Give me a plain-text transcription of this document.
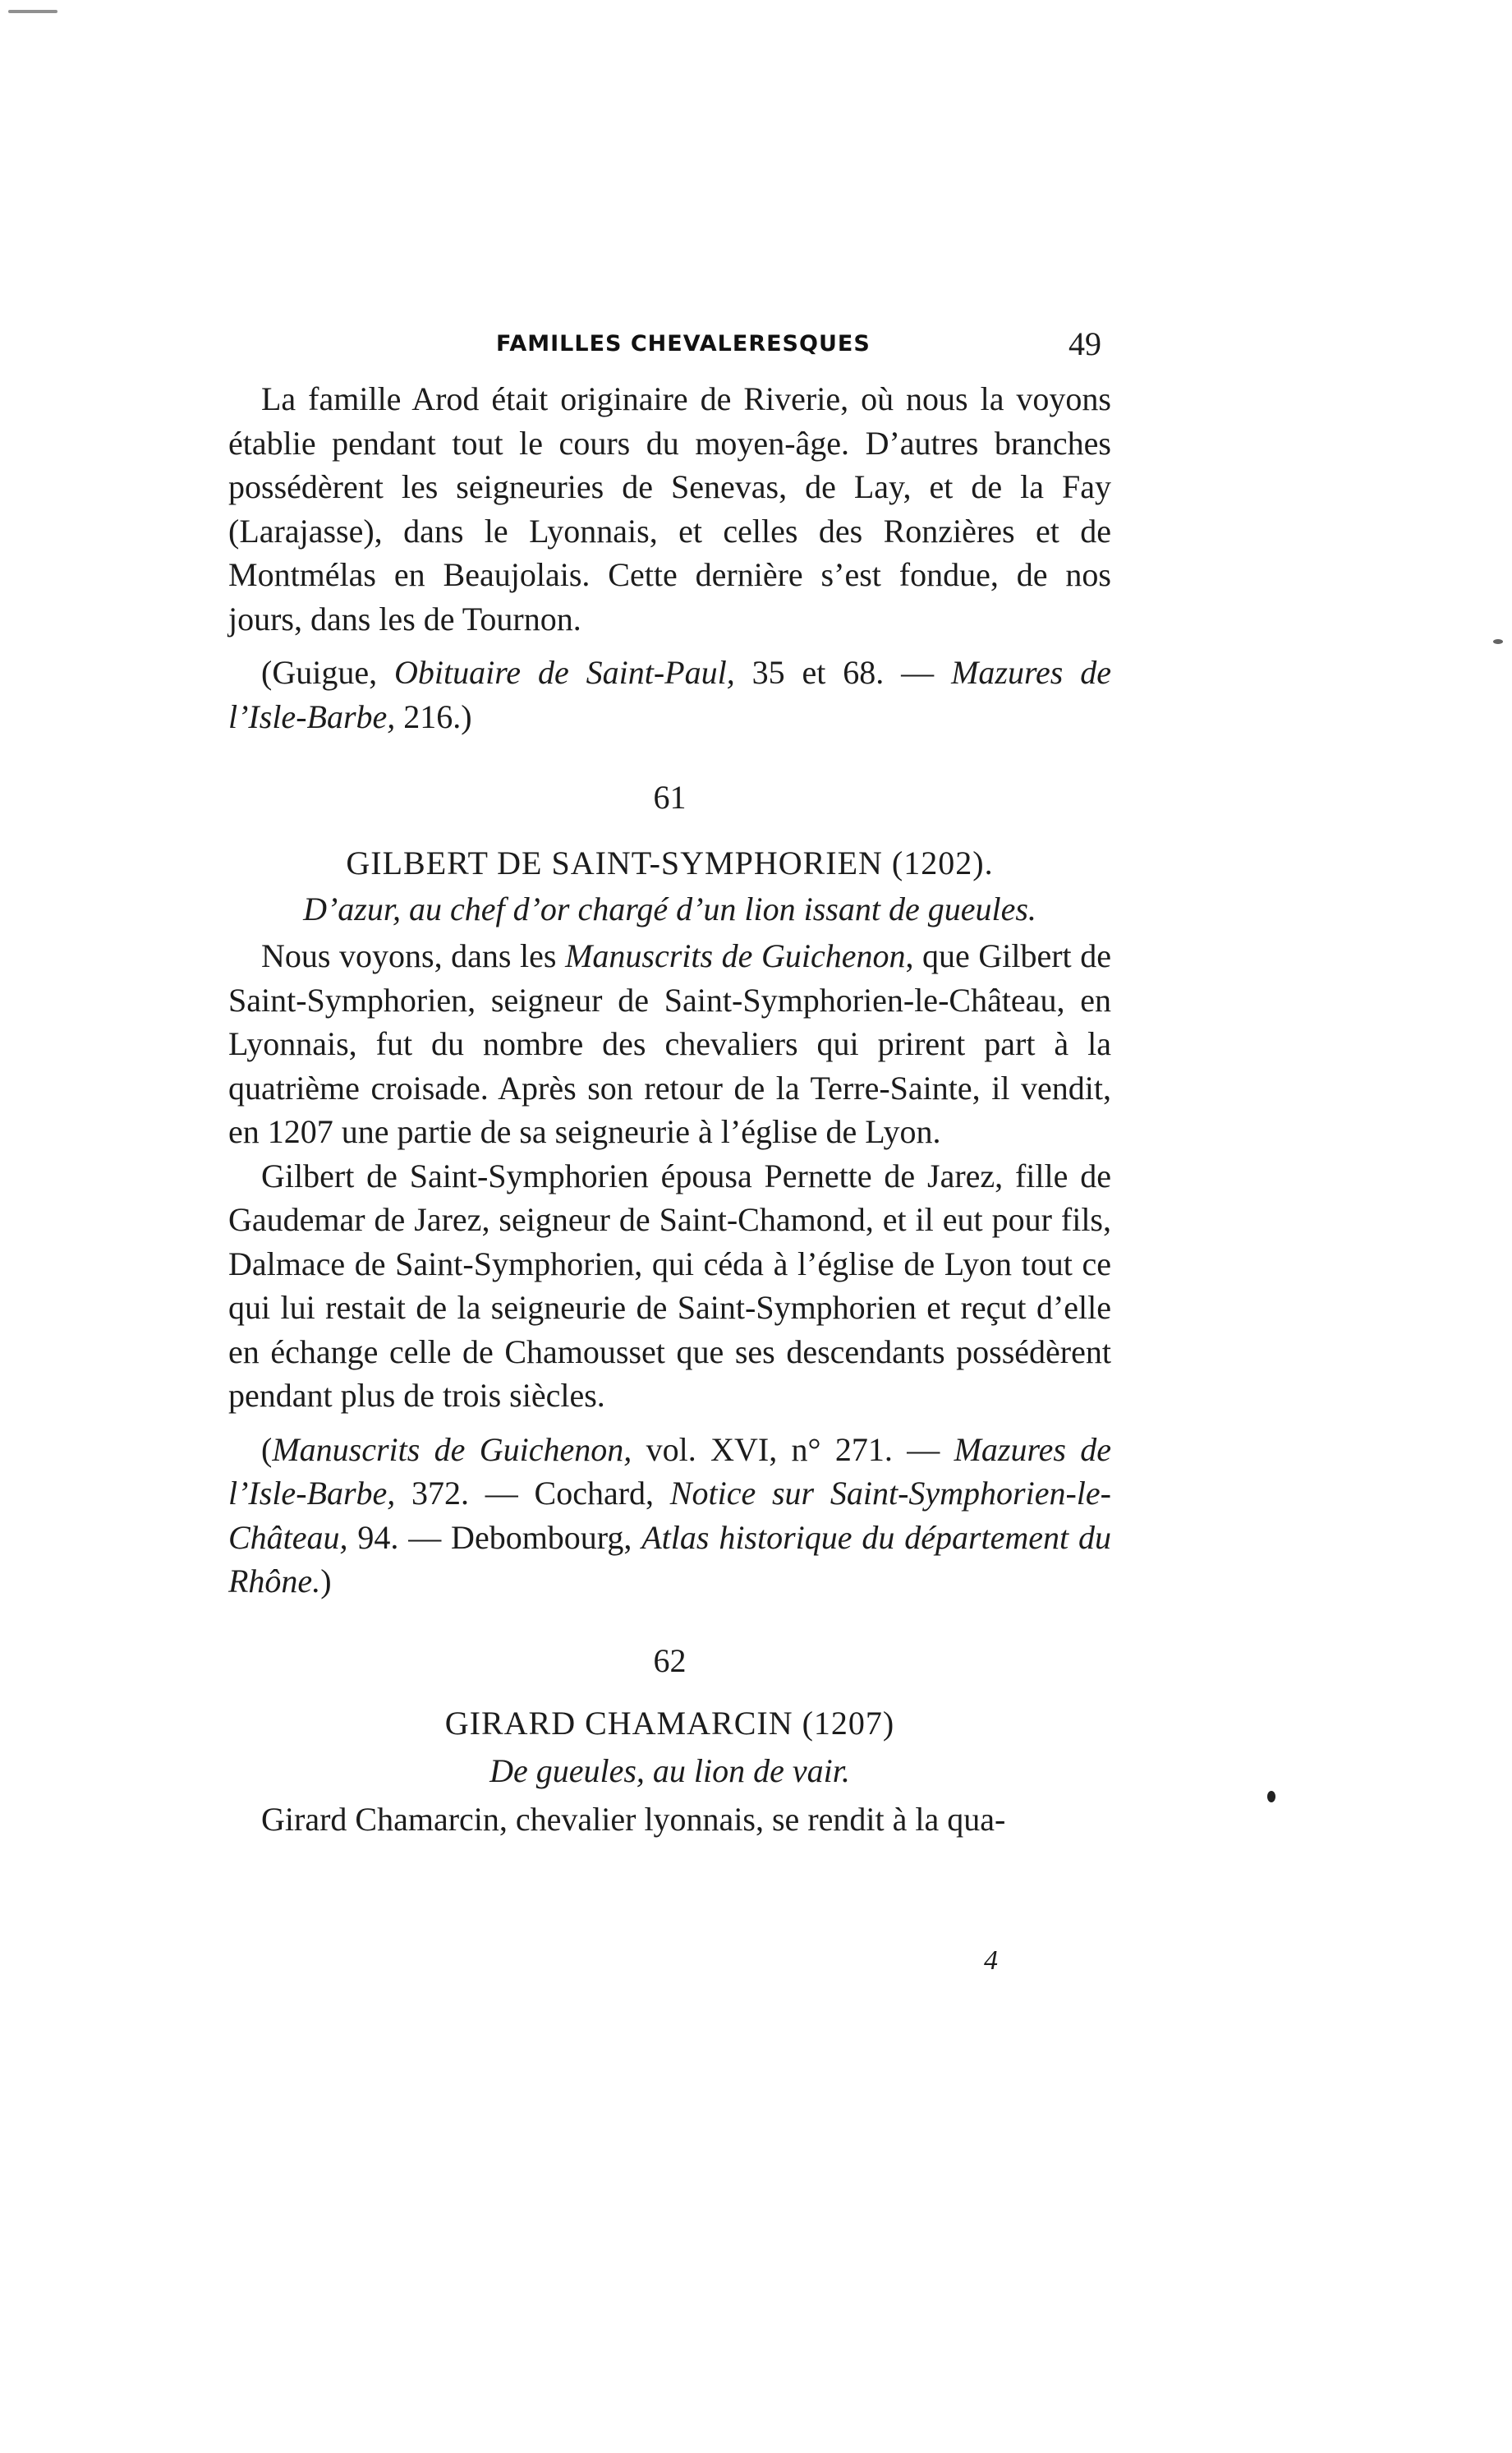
FAMILLES CHEVALERESQUES	49

La famille Arod était originaire de Riverie, où nous la voyons établie pendant tout le cours du moyen-âge. D’autres branches possédèrent les seigneuries de Senevas, de Lay, et de la Fay (Larajasse), dans le Lyonnais, et celles des Ronzières et de Montmélas en Beaujolais. Cette dernière s’est fondue, de nos jours, dans les de Tournon.

(Guigue, Obituaire de Saint-Paul, 35 et 68. — Mazures de l’Isle-Barbe, 216.)

61
GILBERT DE SAINT-SYMPHORIEN (1202).
D’azur, au chef d’or chargé d’un lion issant de gueules.

Nous voyons, dans les Manuscrits de Guichenon, que Gilbert de Saint-Symphorien, seigneur de Saint-Symphorien-le-Château, en Lyonnais, fut du nombre des chevaliers qui prirent part à la quatrième croisade. Après son retour de la Terre-Sainte, il vendit, en 1207 une partie de sa seigneurie à l’église de Lyon.

Gilbert de Saint-Symphorien épousa Pernette de Jarez, fille de Gaudemar de Jarez, seigneur de Saint-Chamond, et il eut pour fils, Dalmace de Saint-Symphorien, qui céda à l’église de Lyon tout ce qui lui restait de la seigneurie de Saint-Symphorien et reçut d’elle en échange celle de Chamousset que ses descendants possédèrent pendant plus de trois siècles.

(Manuscrits de Guichenon, vol. XVI, n° 271. — Mazures de l’Isle-Barbe, 372. — Cochard, Notice sur Saint-Symphorien-le-Château, 94. — Debombourg, Atlas historique du département du Rhône.)

62
GIRARD CHAMARCIN (1207)
De gueules, au lion de vair.

Girard Chamarcin, chevalier lyonnais, se rendit à la qua-

4
